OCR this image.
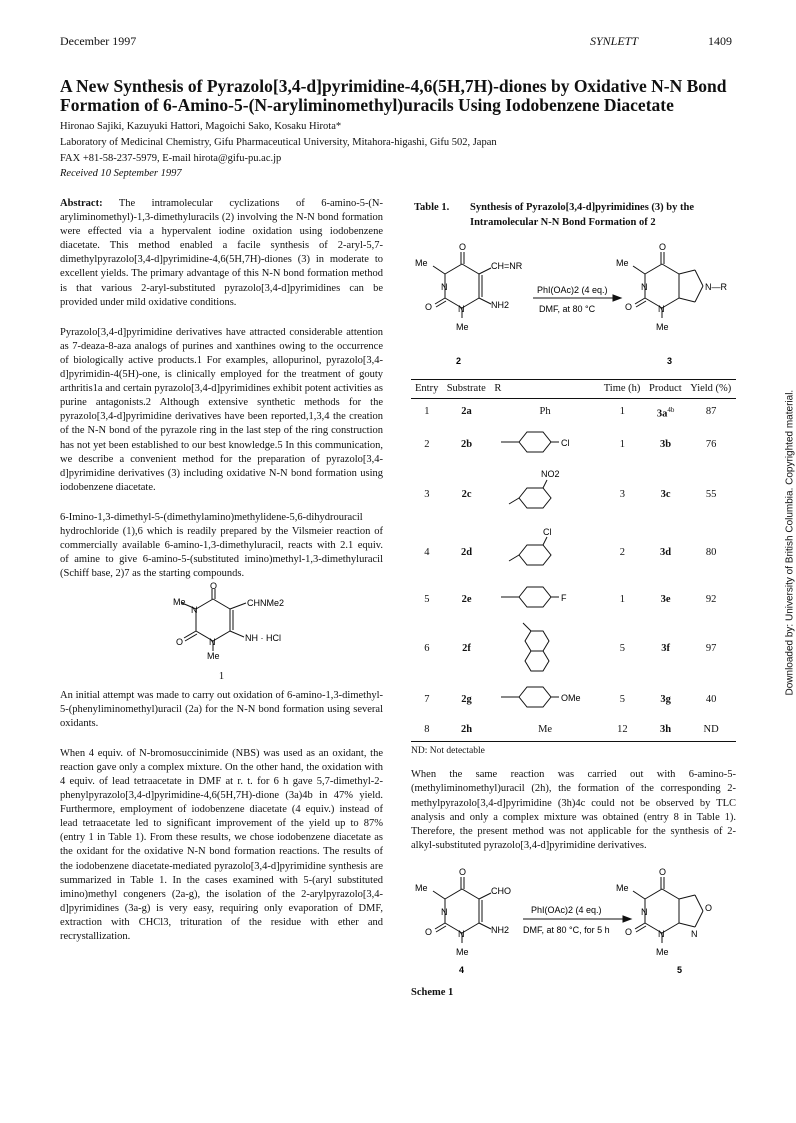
December 1997	SYNLETT	1409
A New Synthesis of Pyrazolo[3,4-d]pyrimidine-4,6(5H,7H)-diones by Oxidative N-N Bond Formation of 6-Amino-5-(N-aryliminomethyl)uracils Using Iodobenzene Diacetate
Hironao Sajiki, Kazuyuki Hattori, Magoichi Sako, Kosaku Hirota*
Laboratory of Medicinal Chemistry, Gifu Pharmaceutical University, Mitahora-higashi, Gifu 502, Japan
FAX +81-58-237-5979, E-mail hirota@gifu-pu.ac.jp
Received 10 September 1997

Abstract: The intramolecular cyclizations of 6-amino-5-(N-aryliminomethyl)-1,3-dimethyluracils (2) involving the N-N bond formation were effected via a hypervalent iodine oxidation using iodobenzene diacetate. This method enabled a facile synthesis of 2-aryl-5,7-dimethylpyrazolo[3,4-d]pyrimidine-4,6(5H,7H)-diones (3) in moderate to excellent yields. The primary advantage of this N-N bond formation method is that various 2-aryl-substituted pyrazolo[3,4-d]pyrimidines can be provided under mild oxidative conditions.

Pyrazolo[3,4-d]pyrimidine derivatives have attracted considerable attention as 7-deaza-8-aza analogs of purines and xanthines owing to the occurrence of biologically active products.1 For examples, allopurinol, pyrazolo[3,4-d]pyrimidin-4(5H)-one, is clinically employed for the treatment of gouty arthritis1a and certain pyrazolo[3,4-d]pyrimidines exhibit potent activities as purine antagonists.2 Although extensive synthetic methods for the pyrazolo[3,4-d]pyrimidine derivatives have been reported,1,3,4 the creation of the N-N bond of the pyrazole ring in the last step of the ring construction has not yet been established to our best knowledge.5 In this communication, we describe a convenient method for the preparation of pyrazolo[3,4-d]pyrimidine derivatives (3) including oxidative N-N bond formation using iodobenzene diacetate.

6-Imino-1,3-dimethyl-5-(dimethylamino)methylidene-5,6-dihydrouracil hydrochloride (1),6 which is readily prepared by the Vilsmeier reaction of commercially available 6-amino-1,3-dimethyluracil, reacts with 2.1 equiv. of amine to give 6-amino-5-(substituted imino)methyl-1,3-dimethyluracil (Schiff base, 2)7 as the starting compounds.

O
N
Me	CHNMe2
O	N	NH · HCl
Me
1

An initial attempt was made to carry out oxidation of 6-amino-1,3-dimethyl-5-(phenyliminomethyl)uracil (2a) for the N-N bond formation using several oxidants.

When 4 equiv. of N-bromosuccinimide (NBS) was used as an oxidant, the reaction gave only a complex mixture. On the other hand, the oxidation with 4 equiv. of lead tetraacetate in DMF at r. t. for 6 h gave 5,7-dimethyl-2-phenylpyrazolo[3,4-d]pyrimidine-4,6(5H,7H)-dione (3a)4b in 47% yield. Furthermore, employment of iodobenzene diacetate (4 equiv.) instead of lead tetraacetate led to significant improvement of the yield up to 87% (entry 1 in Table 1). From these results, we chose iodobenzene diacetate as the oxidant for the oxidative N-N bond formation reactions. The results of the iodobenzene diacetate-mediated pyrazolo[3,4-d]pyrimidine synthesis are summarized in Table 1. In the cases examined with 5-(aryl substituted imino)methyl congeners (2a-g), the isolation of the 2-arylpyrazolo[3,4-d]pyrimidines (3a-g) is very easy, requiring only evaporation of DMF, extraction with CHCl3, trituration of the residue with ether and recrystallization.

Table 1.	Synthesis of Pyrazolo[3,4-d]pyrimidines (3) by the Intramolecular N-N Bond Formation of 2
O
Me
N
CH=NR
O	N	NH2
Me
2
PhI(OAc)2 (4 eq.)
DMF, at 80 °C
O
Me
N	N—R
O	N
Me
3
Entry	Substrate	R	Time (h)	Product	Yield (%)
1	2a	Ph	1	$3a^{4b}$	87
2	2b	Cl	1	3b	76
3	2c	NO2	3	3c	55
4	2d	Cl	2	3d	80
5	2e	F	1	3e	92
6	2f		5	3f	97
7	2g	OMe	5	3g	40
8	2h	Me	12	3h	ND
ND: Not detectable

When the same reaction was carried out with 6-amino-5-(methyliminomethyl)uracil (2h), the formation of the corresponding 2-methylpyrazolo[3,4-d]pyrimidine (3h)4c could not be observed by TLC analysis and only a complex mixture was obtained (entry 8 in Table 1). Therefore, the present method was not applicable for the synthesis of 2-alkyl-substituted pyrazolo[3,4-d]pyrimidine derivatives.

O
Me
N
CHO
O	N	NH2
Me
4
PhI(OAc)2 (4 eq.)
DMF, at 80 °C, for 5 h
O
Me
N	O
N
O	N
Me
5
Scheme 1
Downloaded by: University of British Columbia. Copyrighted material.
